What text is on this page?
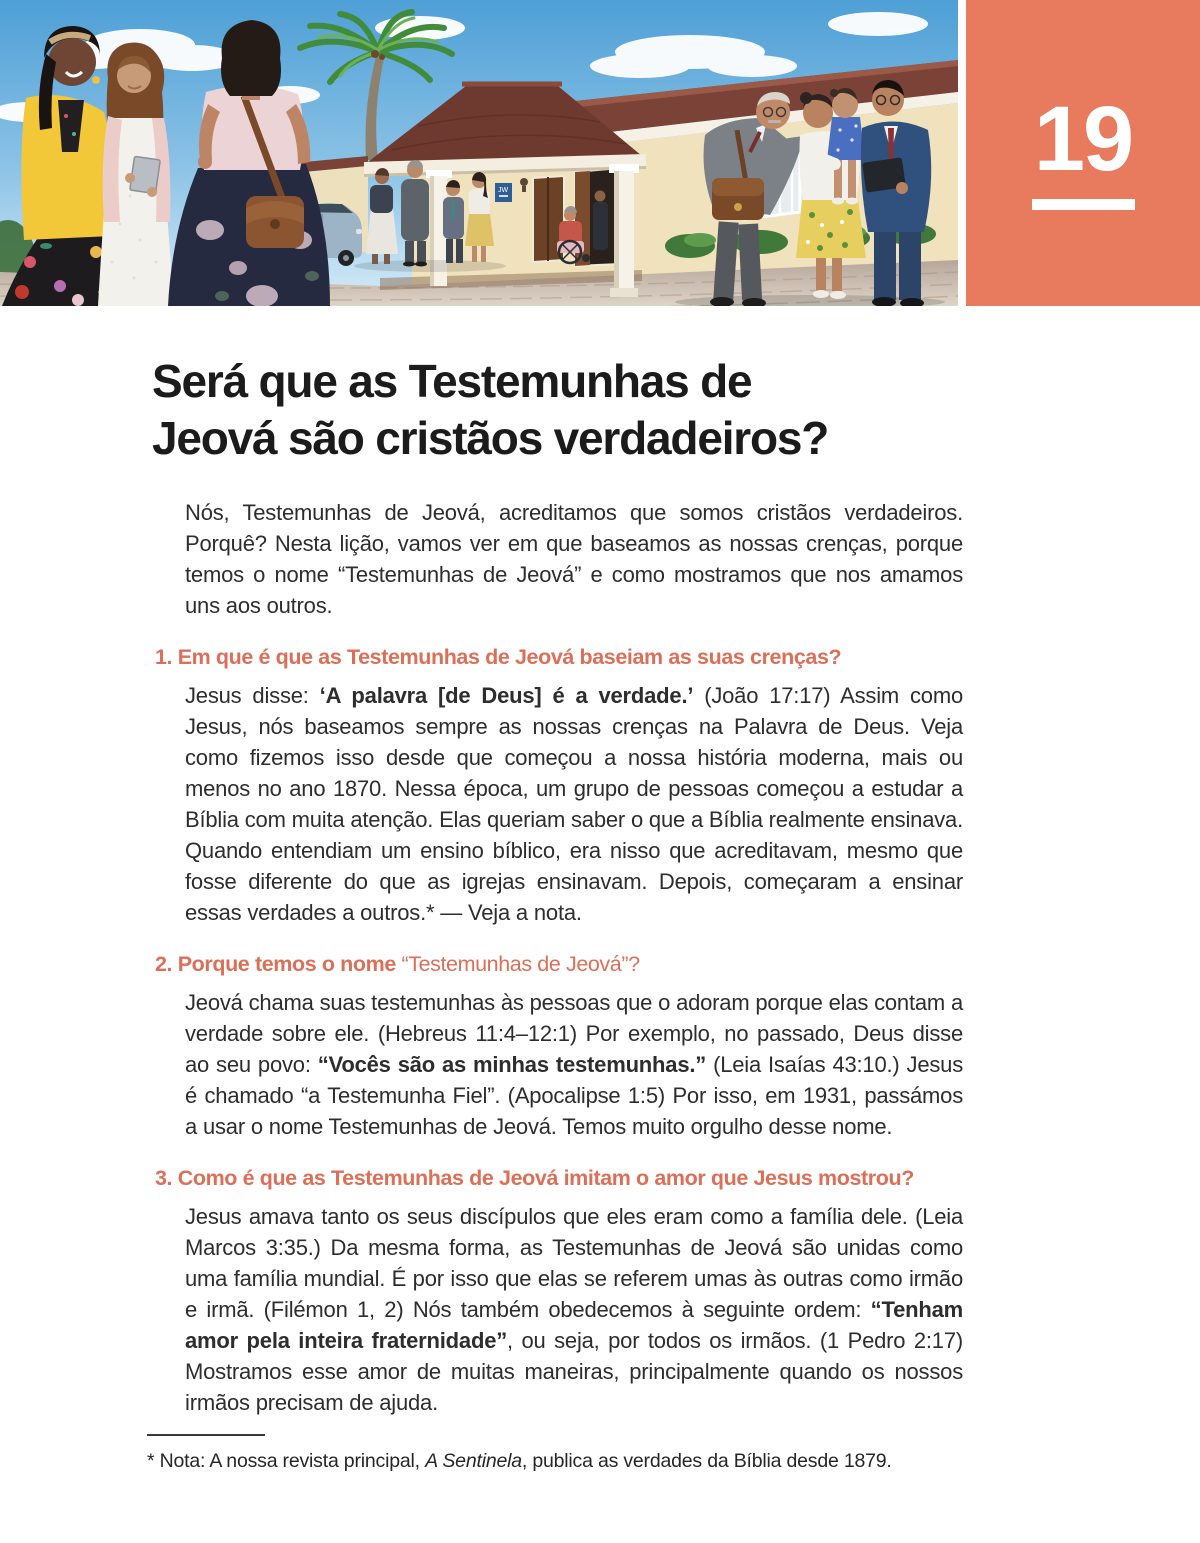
JW
19
Será que as Testemunhas de
Jeová são cristãos verdadeiros?

Nós, Testemunhas de Jeová, acreditamos que somos cristãos verdadeiros. Porquê? Nesta lição, vamos ver em que baseamos as nossas crenças, porque temos o nome “Testemunhas de Jeová” e como mostramos que nos amamos uns aos outros.

1. Em que é que as Testemunhas de Jeová baseiam as suas crenças?

Jesus disse: ‘A palavra [de Deus] é a verdade.’ (João 17:17) Assim como Jesus, nós baseamos sempre as nossas crenças na Palavra de Deus. Veja como fizemos isso desde que começou a nossa história moderna, mais ou menos no ano 1870. Nessa época, um grupo de pessoas começou a estudar a Bíblia com muita atenção. Elas queriam saber o que a Bíblia realmente ensinava. Quando entendiam um ensino bíblico, era nisso que acreditavam, mesmo que fosse diferente do que as igrejas ensinavam. Depois, começaram a ensinar essas verdades a outros.* — Veja a nota.

2. Porque temos o nome “Testemunhas de Jeová”?

Jeová chama suas testemunhas às pessoas que o adoram porque elas contam a verdade sobre ele. (Hebreus 11:4–12:1) Por exemplo, no passado, Deus disse ao seu povo: “Vocês são as minhas testemunhas.” (Leia Isaías 43:10.) Jesus é chamado “a Testemunha Fiel”. (Apocalipse 1:5) Por isso, em 1931, passámos a usar o nome Testemunhas de Jeová. Temos muito orgulho desse nome.

3. Como é que as Testemunhas de Jeová imitam o amor que Jesus mostrou?

Jesus amava tanto os seus discípulos que eles eram como a família dele. (Leia Marcos 3:35.) Da mesma forma, as Testemunhas de Jeová são unidas como uma família mundial. É por isso que elas se referem umas às outras como irmão e irmã. (Filémon 1, 2) Nós também obedecemos à seguinte ordem: “Tenham amor pela inteira fraternidade”, ou seja, por todos os irmãos. (1 Pedro 2:17) Mostramos esse amor de muitas maneiras, principalmente quando os nossos irmãos precisam de ajuda.

* Nota: A nossa revista principal, A Sentinela, publica as verdades da Bíblia desde 1879.
